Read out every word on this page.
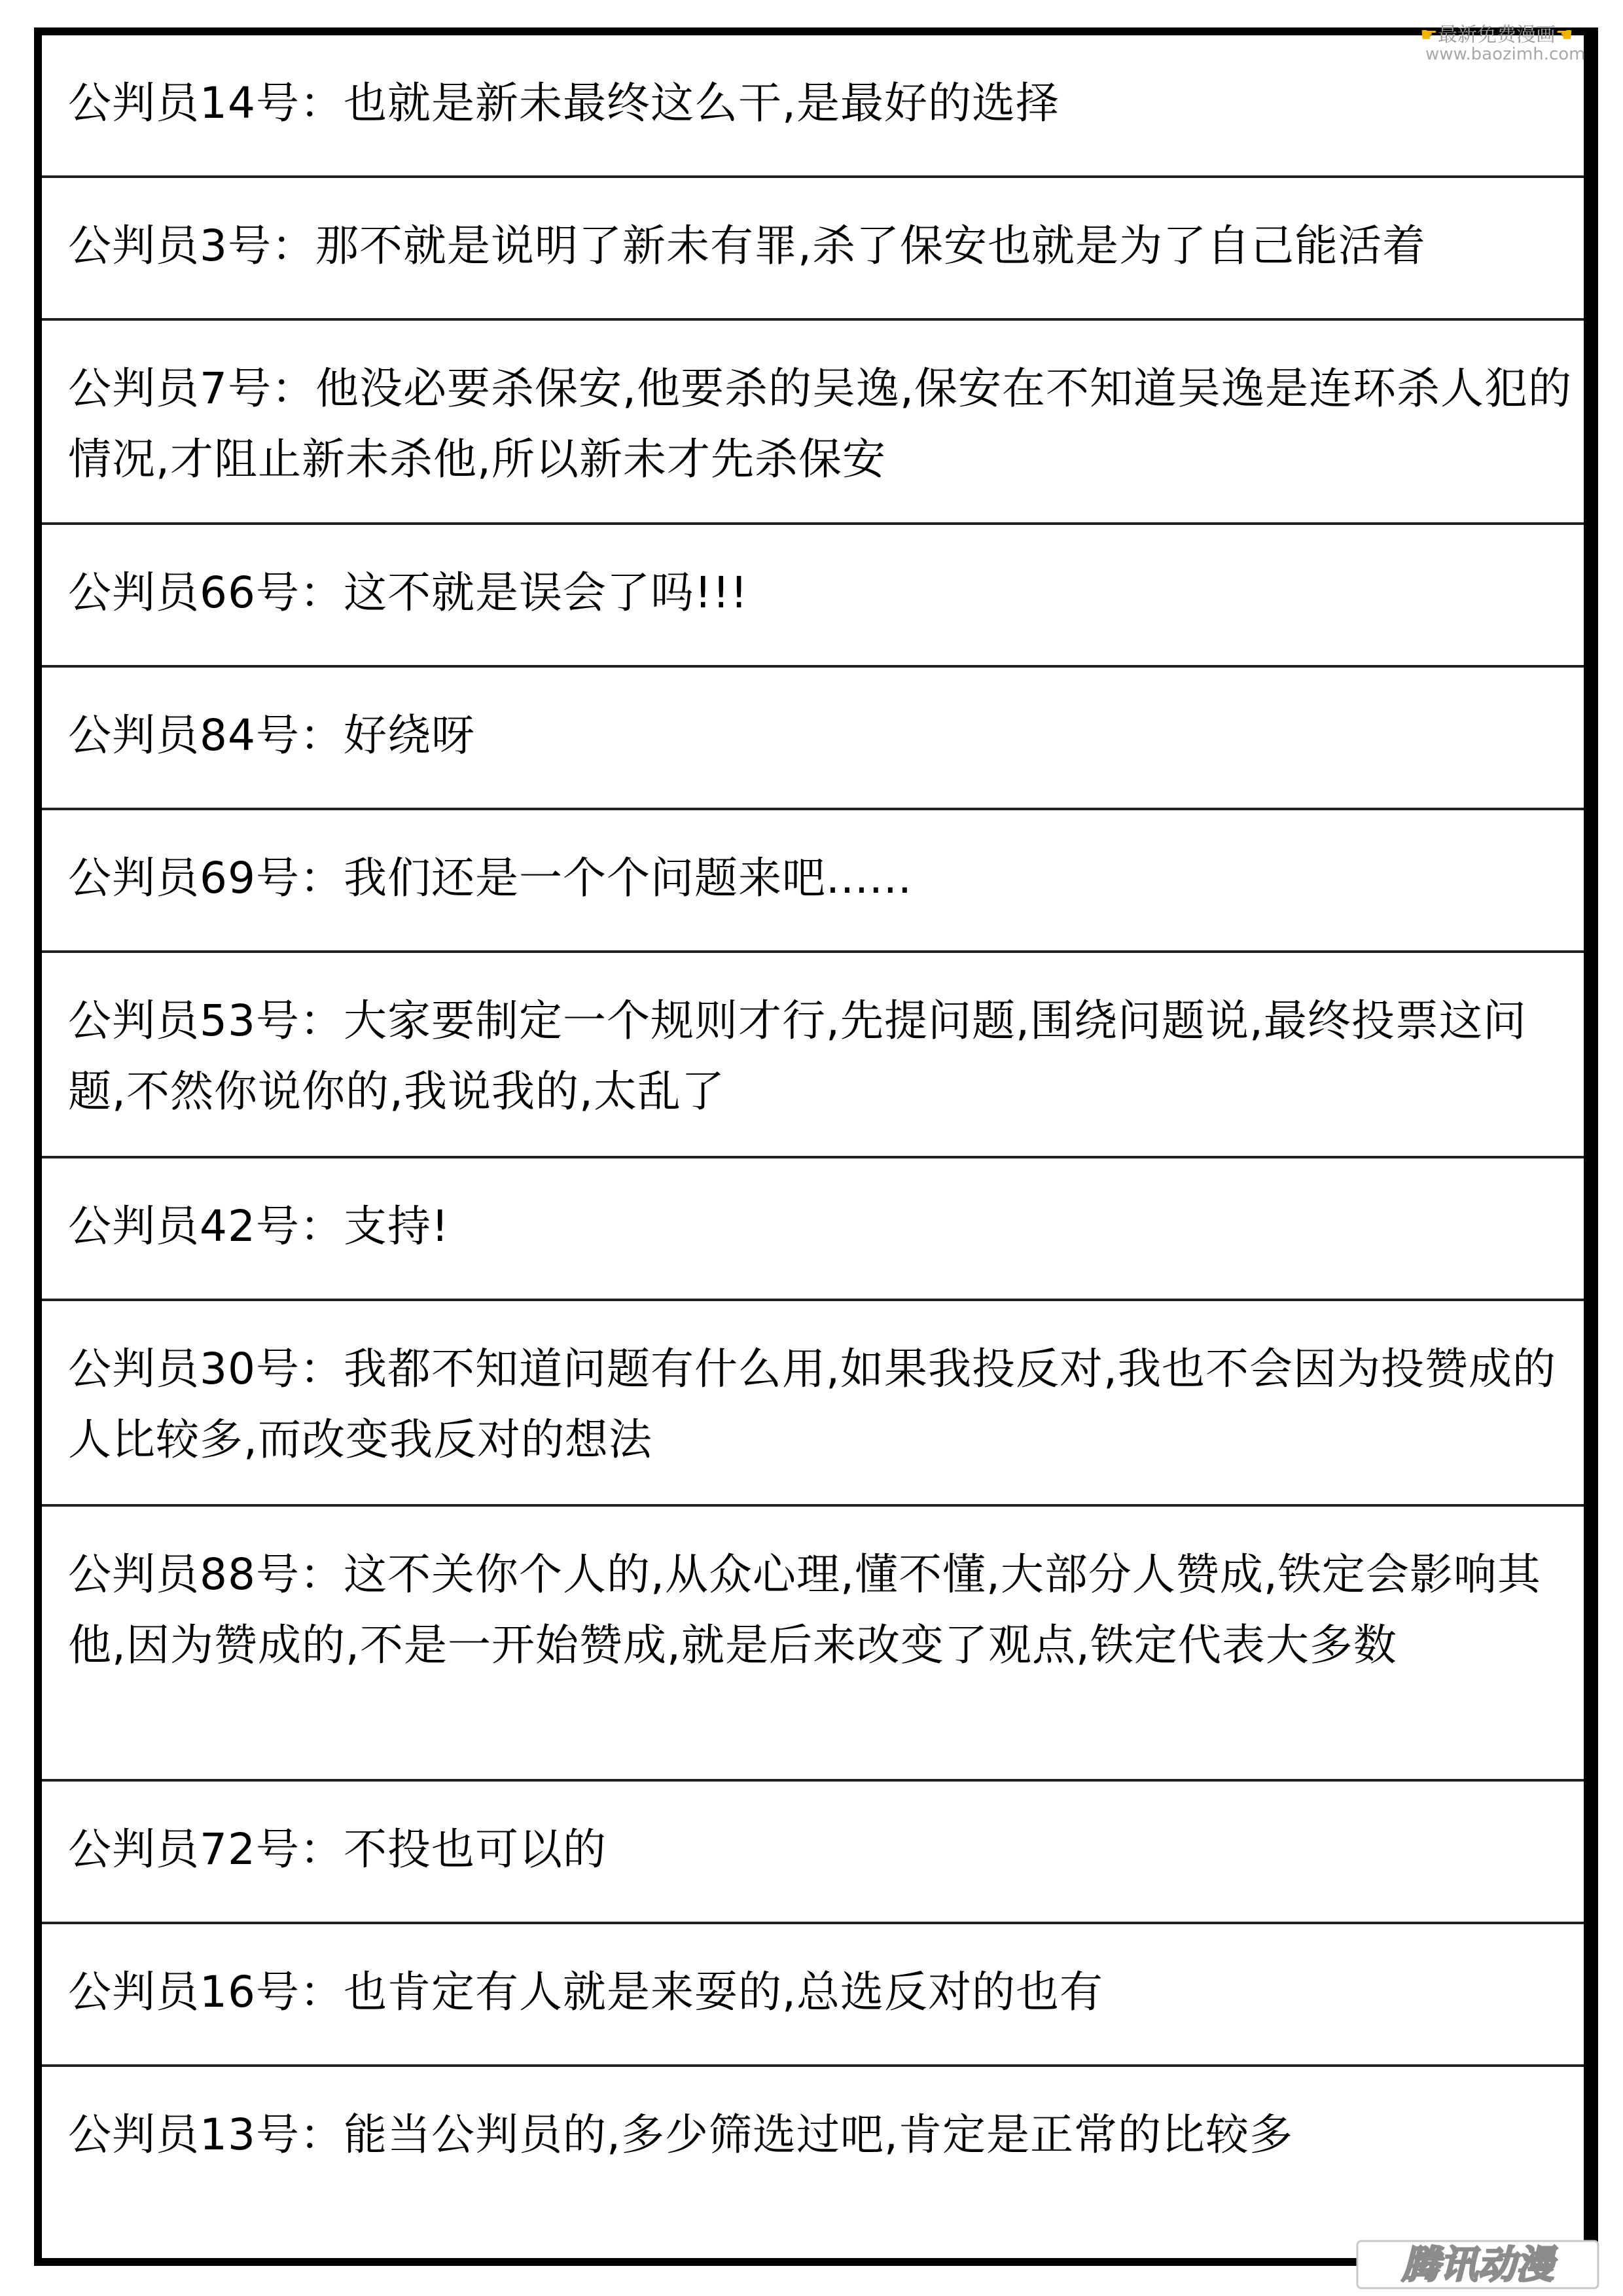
公判员14号：也就是新未最终这么干,是最好的选择
公判员3号：那不就是说明了新未有罪,杀了保安也就是为了自己能活着
公判员7号：他没必要杀保安,他要杀的吴逸,保安在不知道吴逸是连环杀人犯的情况,才阻止新未杀他,所以新未才先杀保安
公判员66号：这不就是误会了吗!!!
公判员84号：好绕呀
公判员69号：我们还是一个个问题来吧......
公判员53号：大家要制定一个规则才行,先提问题,围绕问题说,最终投票这问题,不然你说你的,我说我的,太乱了
公判员42号：支持!
公判员30号：我都不知道问题有什么用,如果我投反对,我也不会因为投赞成的人比较多,而改变我反对的想法
公判员88号：这不关你个人的,从众心理,懂不懂,大部分人赞成,铁定会影响其他,因为赞成的,不是一开始赞成,就是后来改变了观点,铁定代表大多数
公判员72号：不投也可以的
公判员16号：也肯定有人就是来耍的,总选反对的也有
公判员13号：能当公判员的,多少筛选过吧,肯定是正常的比较多
☛最新免费漫画☚
www.baozimh.com
腾讯动漫
